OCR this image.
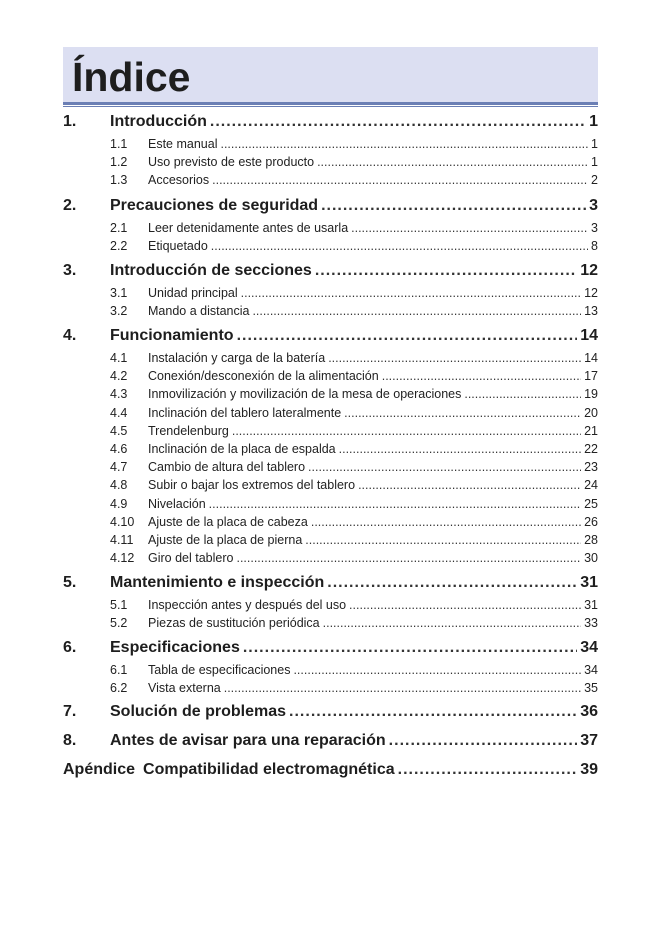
Índice
1.	Introducción .....	1
1.1	Este manual .....	1
1.2	Uso previsto de este producto .....	1
1.3	Accesorios .....	2
2.	Precauciones de seguridad .....	3
2.1	Leer detenidamente antes de usarla .....	3
2.2	Etiquetado .....	8
3.	Introducción de secciones .....	12
3.1	Unidad principal .....	12
3.2	Mando a distancia .....	13
4.	Funcionamiento .....	14
4.1	Instalación y carga de la batería .....	14
4.2	Conexión/desconexión de la alimentación .....	17
4.3	Inmovilización y movilización de la mesa de operaciones .....	19
4.4	Inclinación del tablero lateralmente .....	20
4.5	Trendelenburg .....	21
4.6	Inclinación de la placa de espalda .....	22
4.7	Cambio de altura del tablero .....	23
4.8	Subir o bajar los extremos del tablero .....	24
4.9	Nivelación .....	25
4.10	Ajuste de la placa de cabeza .....	26
4.11	Ajuste de la placa de pierna .....	28
4.12	Giro del tablero .....	30
5.	Mantenimiento e inspección .....	31
5.1	Inspección antes y después del uso .....	31
5.2	Piezas de sustitución periódica .....	33
6.	Especificaciones .....	34
6.1	Tabla de especificaciones .....	34
6.2	Vista externa .....	35
7.	Solución de problemas .....	36
8.	Antes de avisar para una reparación .....	37
Apéndice Compatibilidad electromagnética .....	39
